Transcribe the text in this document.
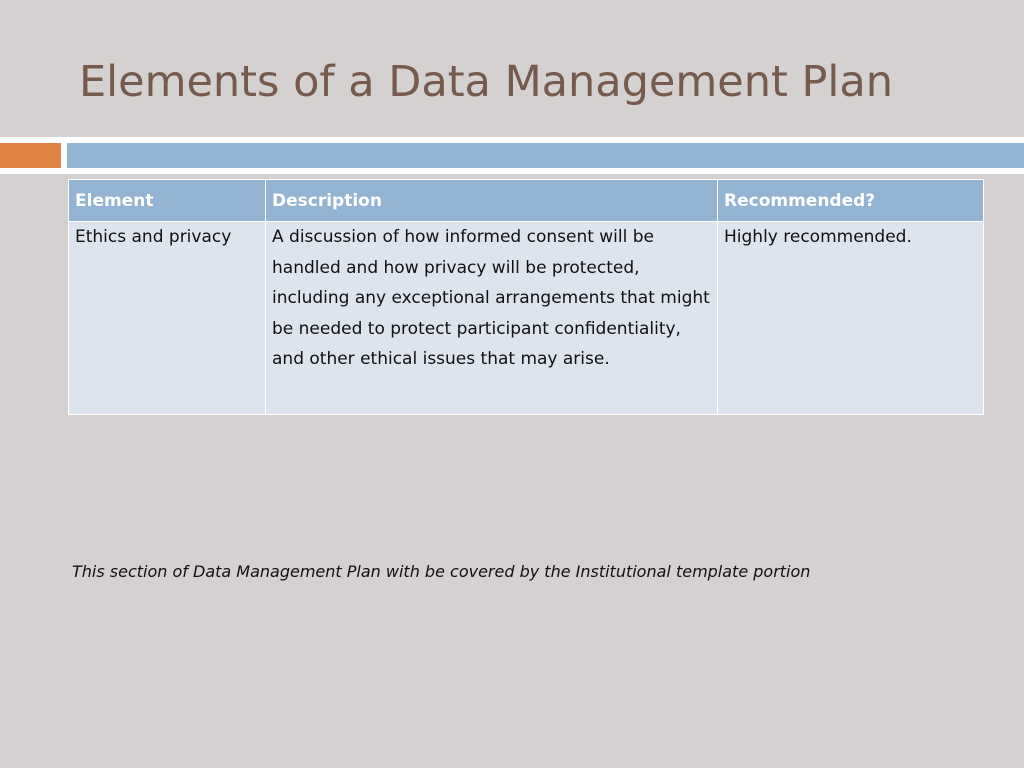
Elements of a Data Management Plan
Element	Description	Recommended?
Ethics and privacy	A discussion of how informed consent will be handled and how privacy will be protected, including any exceptional arrangements that might be needed to protect participant confidentiality, and other ethical issues that may arise.	Highly recommended.

This section of Data Management Plan with be covered by the Institutional template portion
